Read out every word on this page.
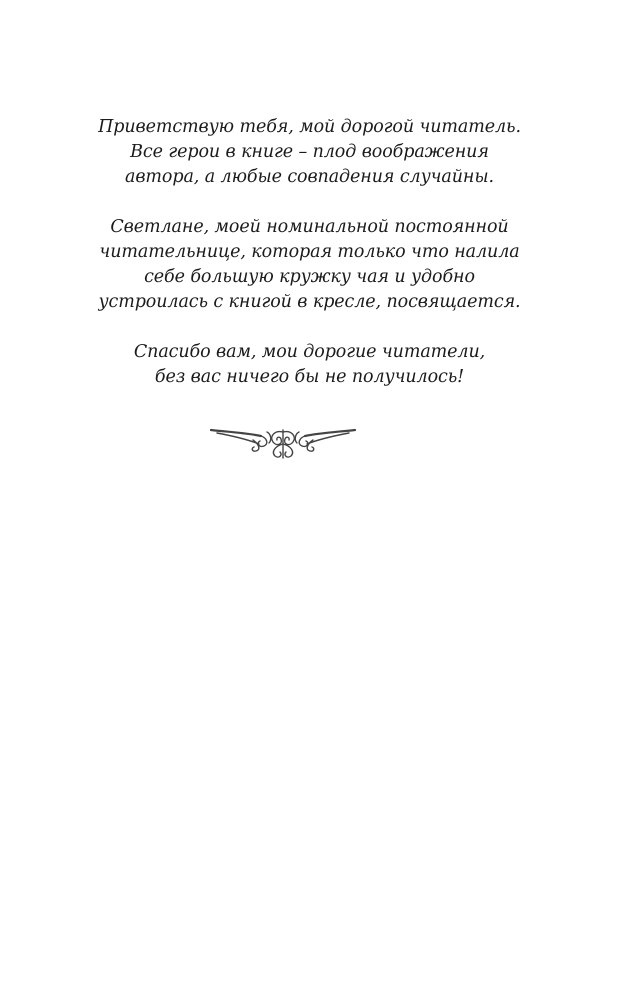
Приветствую тебя, мой дорогой читатель.
Все герои в книге – плод воображения
автора, а любые совпадения случайны.
Светлане, моей номинальной постоянной
читательнице, которая только что налила
себе большую кружку чая и удобно
устроилась с книгой в кресле, посвящается.
Спасибо вам, мои дорогие читатели,
без вас ничего бы не получилось!
